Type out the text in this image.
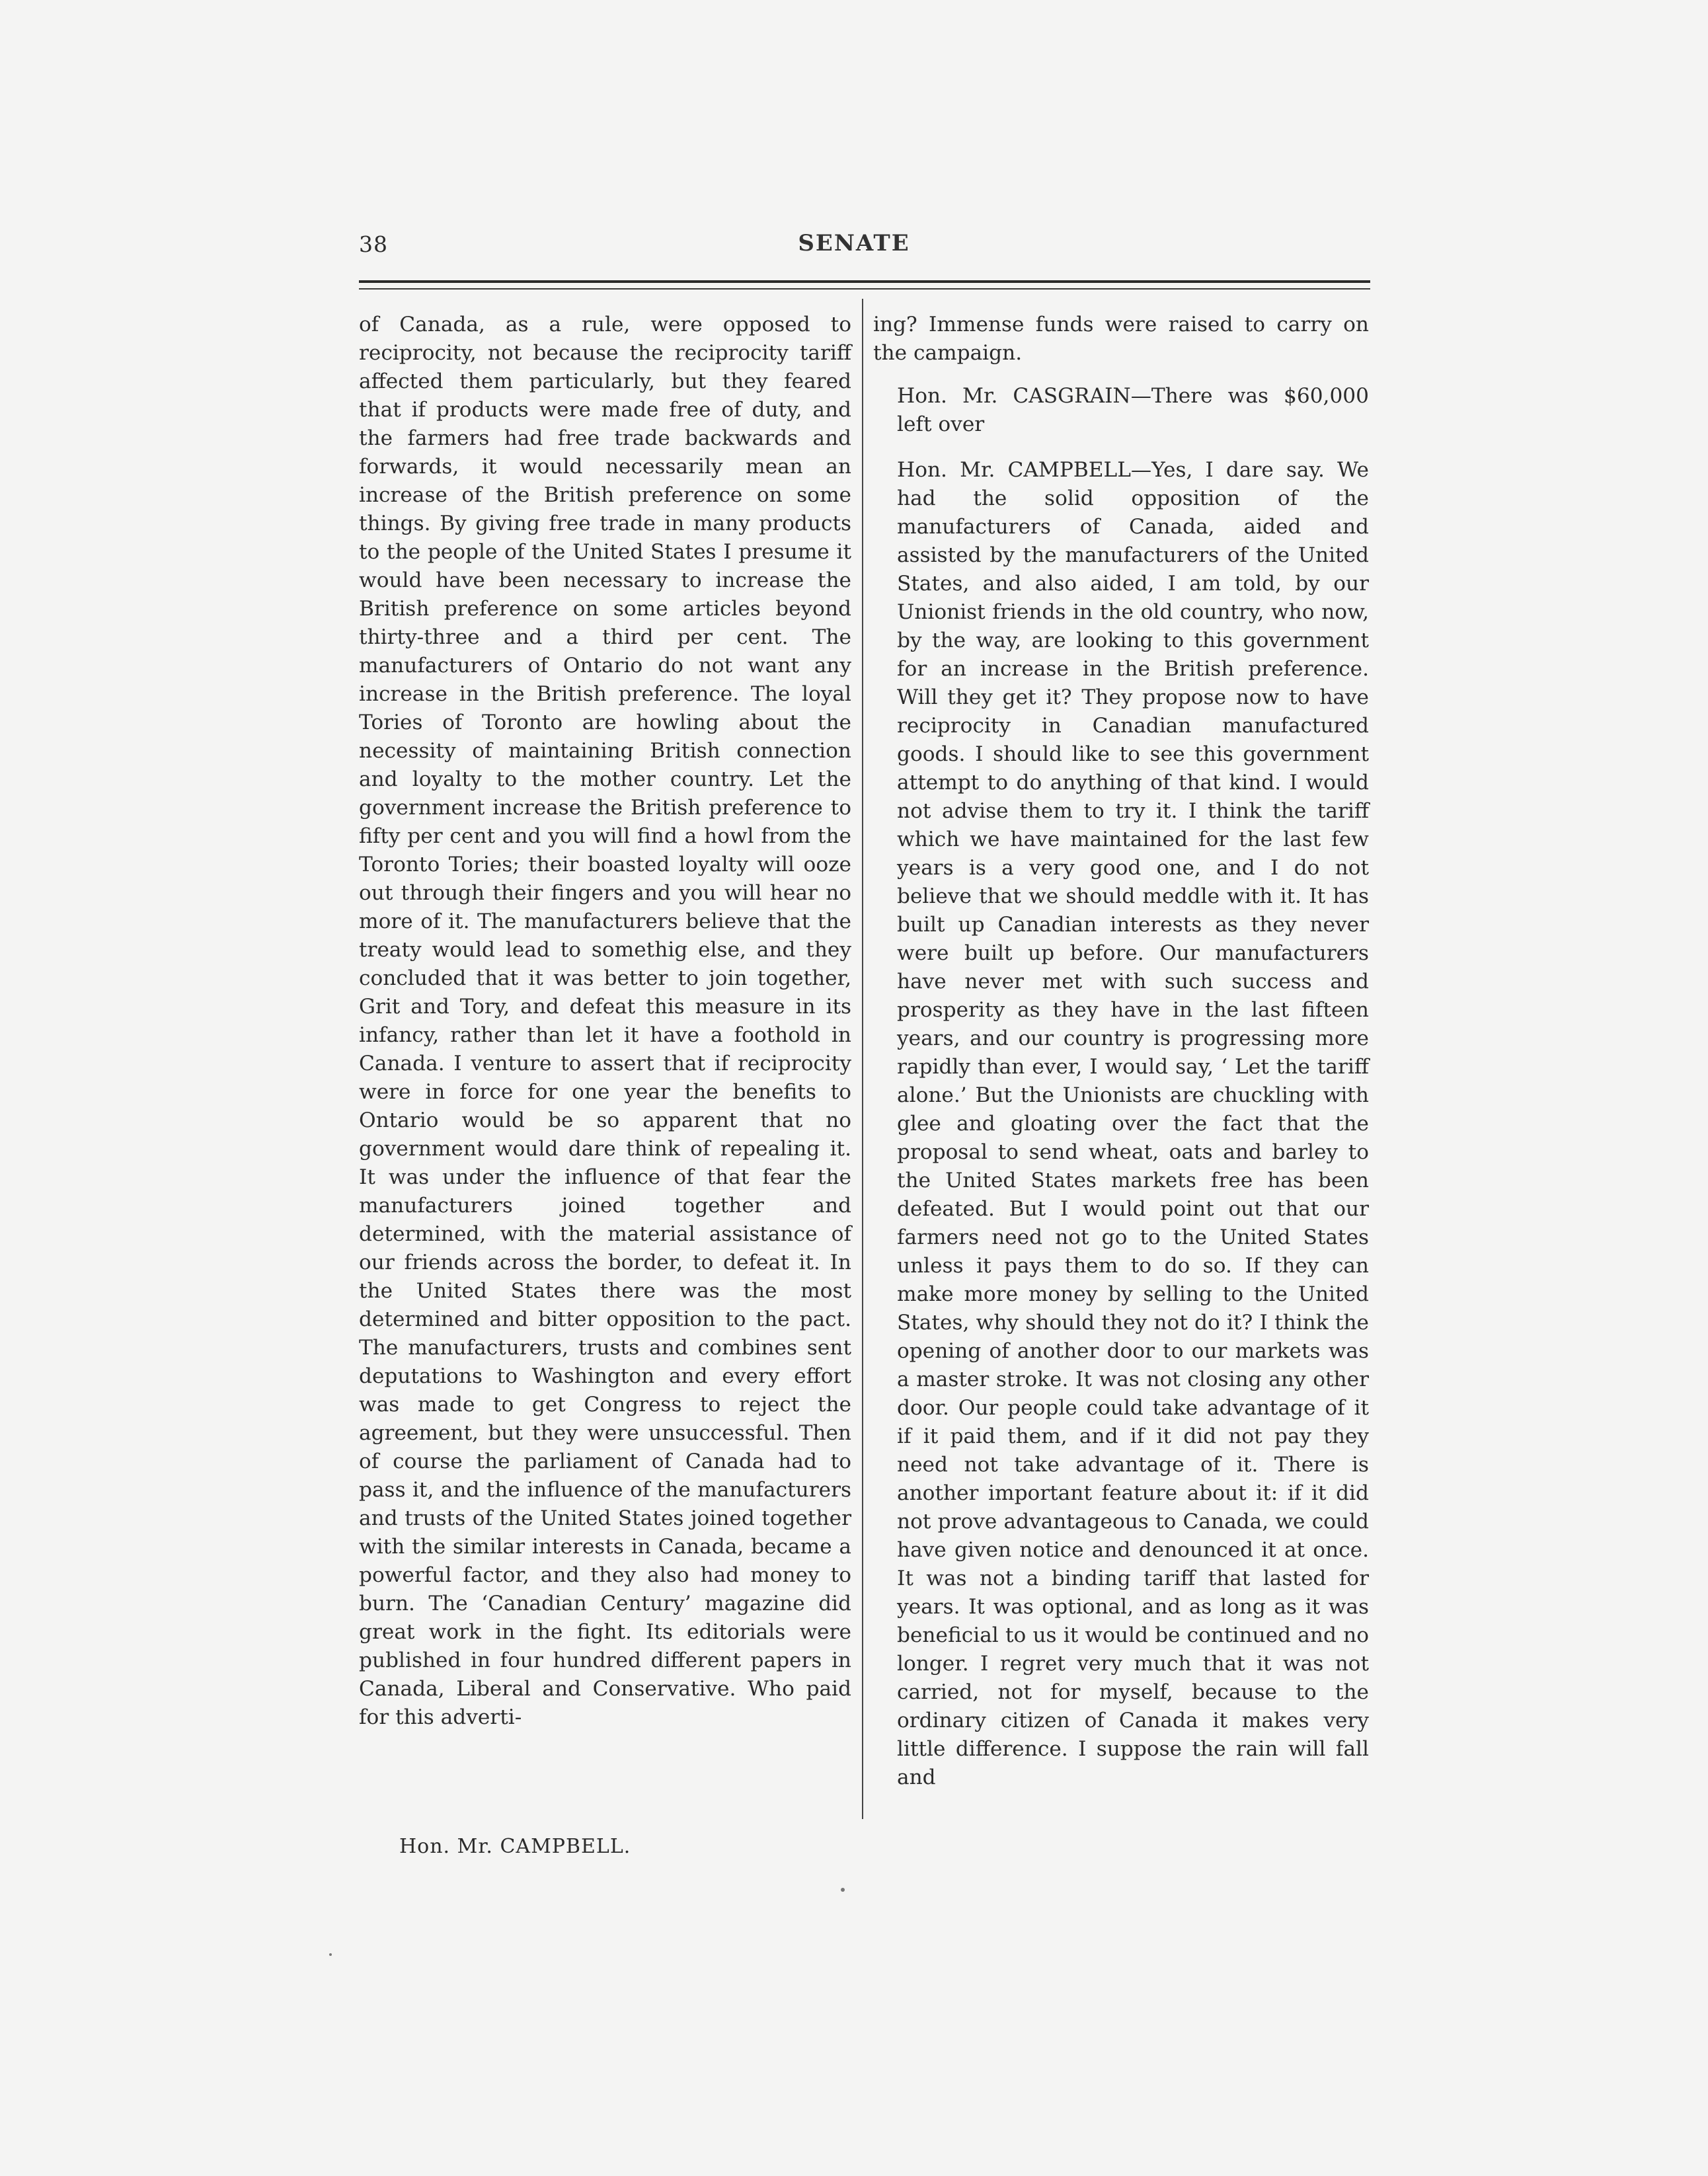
38	SENATE

of Canada, as a rule, were opposed to reciprocity, not because the reciprocity tariff affected them particularly, but they feared that if products were made free of duty, and the farmers had free trade backwards and forwards, it would necessarily mean an increase of the British preference on some things. By giving free trade in many products to the people of the United States I presume it would have been necessary to increase the British preference on some articles beyond thirty-three and a third per cent. The manufacturers of Ontario do not want any increase in the British preference. The loyal Tories of Toronto are howling about the necessity of maintaining British connection and loyalty to the mother country. Let the government increase the British preference to fifty per cent and you will find a howl from the Toronto Tories; their boasted loyalty will ooze out through their fingers and you will hear no more of it. The manufacturers believe that the treaty would lead to somethig else, and they concluded that it was better to join together, Grit and Tory, and defeat this measure in its infancy, rather than let it have a foothold in Canada. I venture to assert that if reciprocity were in force for one year the benefits to Ontario would be so apparent that no government would dare think of repealing it. It was under the influence of that fear the manufacturers joined together and determined, with the material assistance of our friends across the border, to defeat it. In the United States there was the most determined and bitter opposition to the pact. The manufacturers, trusts and combines sent deputations to Washington and every effort was made to get Congress to reject the agreement, but they were unsuccessful. Then of course the parliament of Canada had to pass it, and the influence of the manufacturers and trusts of the United States joined together with the similar interests in Canada, became a powerful factor, and they also had money to burn. The ‘Canadian Century’ magazine did great work in the fight. Its editorials were published in four hundred different papers in Canada, Liberal and Conservative. Who paid for this adverti-

ing? Immense funds were raised to carry on the campaign.

Hon. Mr. CASGRAIN—There was $60,000 left over

Hon. Mr. CAMPBELL—Yes, I dare say. We had the solid opposition of the manufacturers of Canada, aided and assisted by the manufacturers of the United States, and also aided, I am told, by our Unionist friends in the old country, who now, by the way, are looking to this government for an increase in the British preference. Will they get it? They propose now to have reciprocity in Canadian manufactured goods. I should like to see this government attempt to do anything of that kind. I would not advise them to try it. I think the tariff which we have maintained for the last few years is a very good one, and I do not believe that we should meddle with it. It has built up Canadian interests as they never were built up before. Our manufacturers have never met with such success and prosperity as they have in the last fifteen years, and our country is progressing more rapidly than ever, I would say, ‘ Let the tariff alone.’ But the Unionists are chuckling with glee and gloating over the fact that the proposal to send wheat, oats and barley to the United States markets free has been defeated. But I would point out that our farmers need not go to the United States unless it pays them to do so. If they can make more money by selling to the United States, why should they not do it? I think the opening of another door to our markets was a master stroke. It was not closing any other door. Our people could take advantage of it if it paid them, and if it did not pay they need not take advantage of it. There is another important feature about it: if it did not prove advantageous to Canada, we could have given notice and denounced it at once. It was not a binding tariff that lasted for years. It was optional, and as long as it was beneficial to us it would be continued and no longer. I regret very much that it was not carried, not for myself, because to the ordinary citizen of Canada it makes very little difference. I suppose the rain will fall and

Hon. Mr. CAMPBELL.
